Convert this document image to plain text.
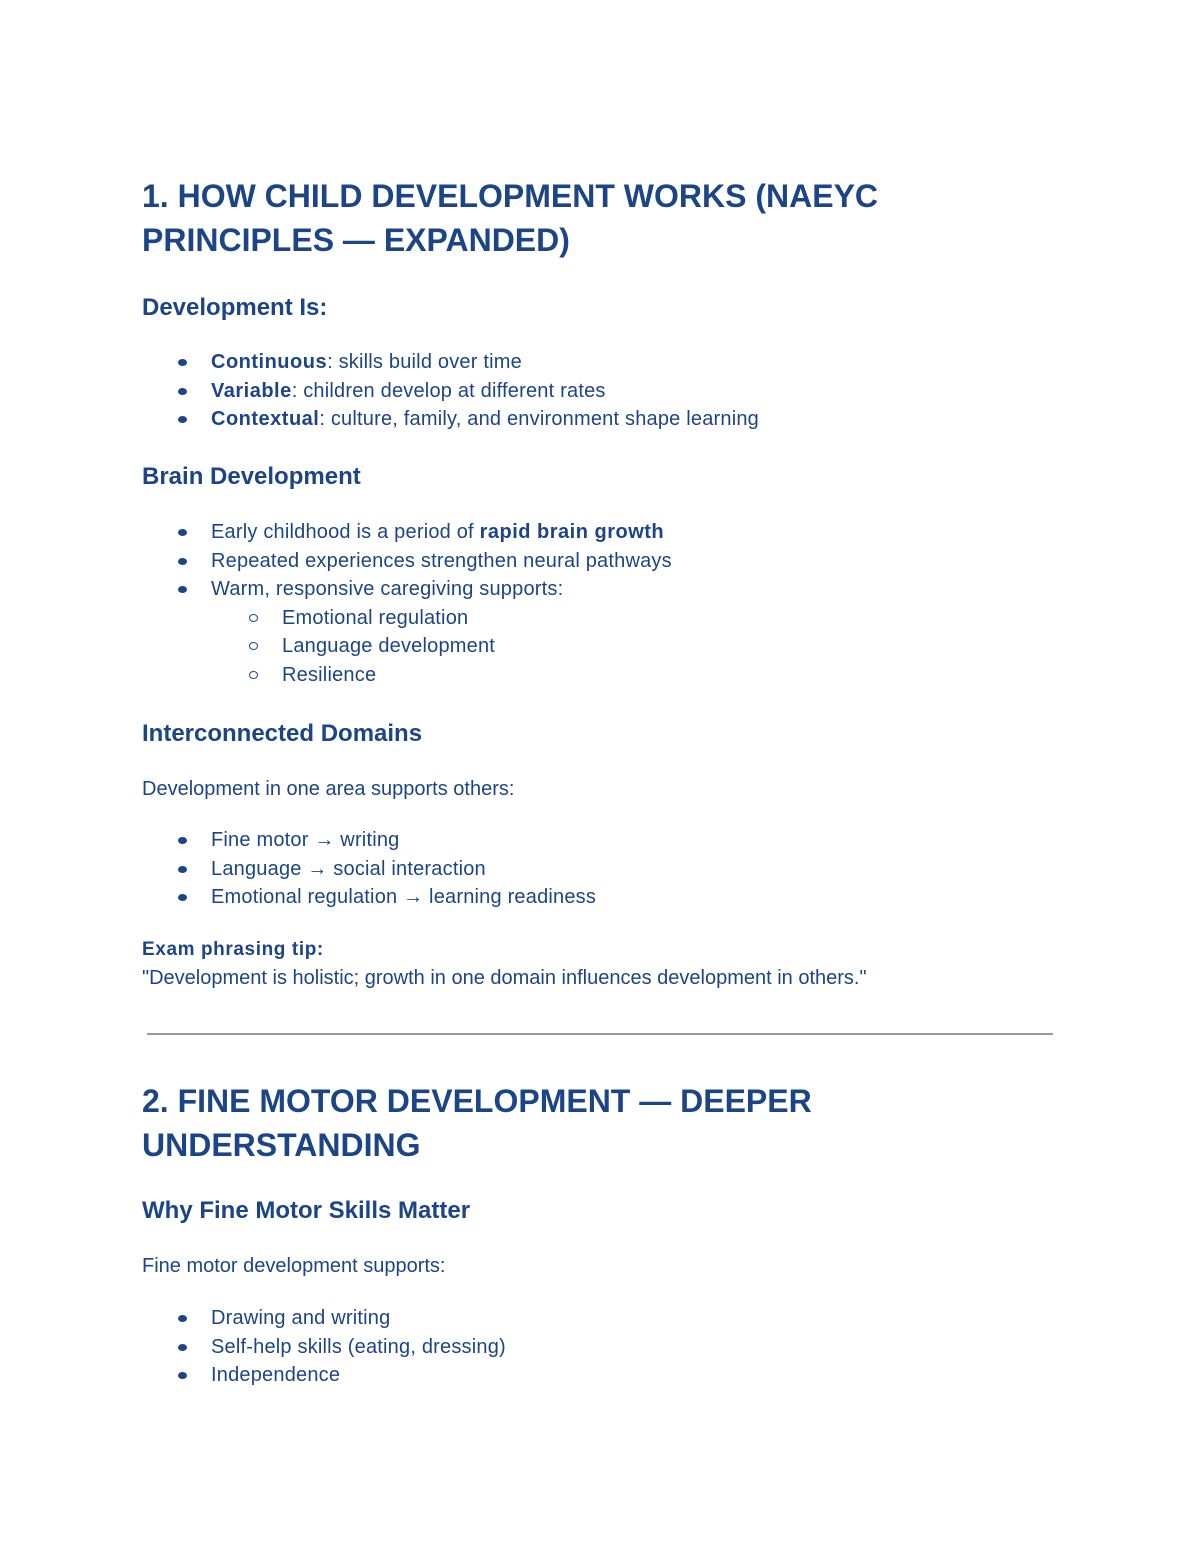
1. HOW CHILD DEVELOPMENT WORKS (NAEYC
PRINCIPLES — EXPANDED)
Development Is:
Continuous: skills build over time
Variable: children develop at different rates
Contextual: culture, family, and environment shape learning
Brain Development
Early childhood is a period of rapid brain growth
Repeated experiences strengthen neural pathways
Warm, responsive caregiving supports:
Emotional regulation
Language development
Resilience
Interconnected Domains

Development in one area supports others:

Fine motor → writing
Language → social interaction
Emotional regulation → learning readiness

Exam phrasing tip:
"Development is holistic; growth in one domain influences development in others."

2. FINE MOTOR DEVELOPMENT — DEEPER
UNDERSTANDING
Why Fine Motor Skills Matter

Fine motor development supports:

Drawing and writing
Self-help skills (eating, dressing)
Independence
